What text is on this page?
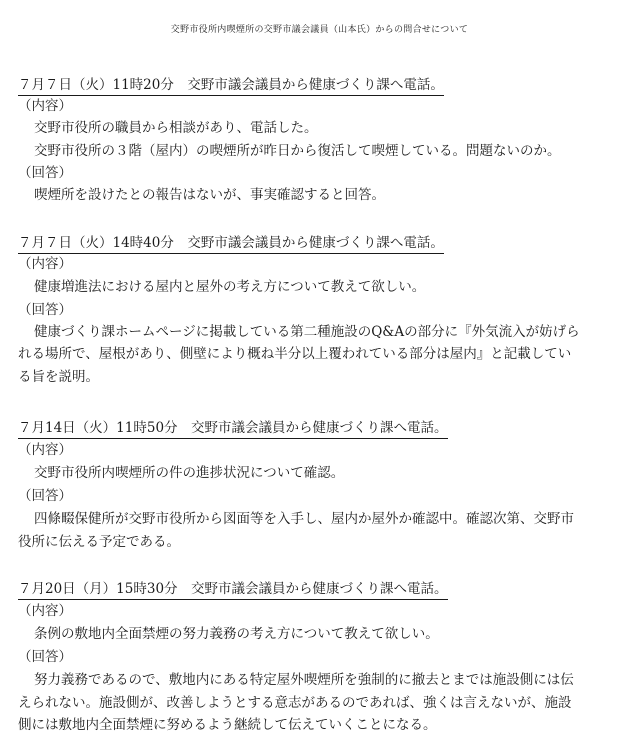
交野市役所内喫煙所の交野市議会議員（山本氏）からの問合せについて
７月７日（火）11時20分　交野市議会議員から健康づくり課へ電話。
（内容）
交野市役所の職員から相談があり、電話した。
交野市役所の３階（屋内）の喫煙所が昨日から復活して喫煙している。問題ないのか。
（回答）
喫煙所を設けたとの報告はないが、事実確認すると回答。
７月７日（火）14時40分　交野市議会議員から健康づくり課へ電話。
（内容）
健康増進法における屋内と屋外の考え方について教えて欲しい。
（回答）
健康づくり課ホームページに掲載している第二種施設のQ&Aの部分に『外気流入が妨げら
れる場所で、屋根があり、側壁により概ね半分以上覆われている部分は屋内』と記載してい
る旨を説明。
７月14日（火）11時50分　交野市議会議員から健康づくり課へ電話。
（内容）
交野市役所内喫煙所の件の進捗状況について確認。
（回答）
四條畷保健所が交野市役所から図面等を入手し、屋内か屋外か確認中。確認次第、交野市
役所に伝える予定である。
７月20日（月）15時30分　交野市議会議員から健康づくり課へ電話。
（内容）
条例の敷地内全面禁煙の努力義務の考え方について教えて欲しい。
（回答）
努力義務であるので、敷地内にある特定屋外喫煙所を強制的に撤去とまでは施設側には伝
えられない。施設側が、改善しようとする意志があるのであれば、強くは言えないが、施設
側には敷地内全面禁煙に努めるよう継続して伝えていくことになる。
